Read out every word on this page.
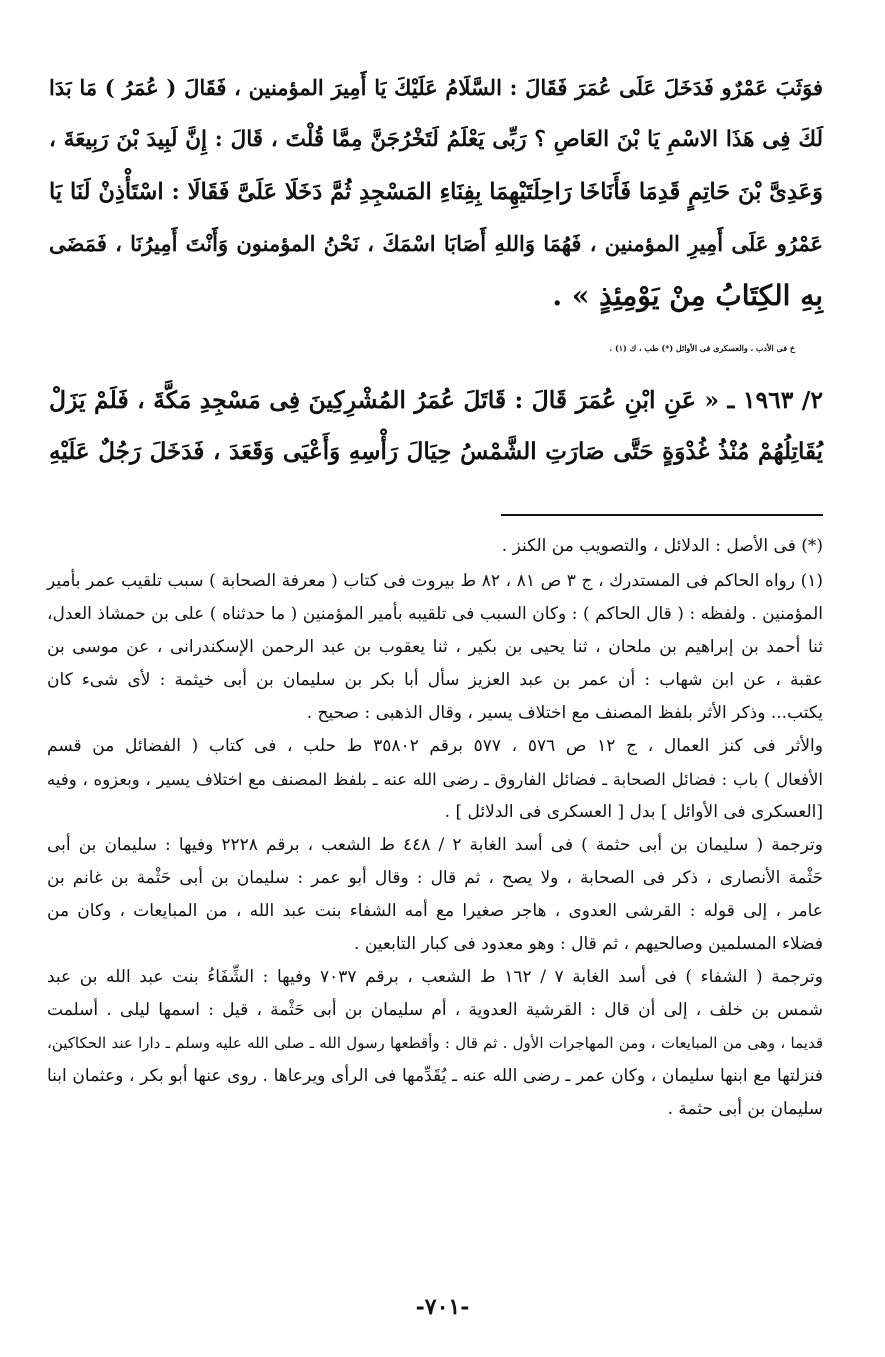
فوَثَبَ عَمْرٌو فَدَخَلَ عَلَى عُمَرَ فَقَالَ : السَّلَامُ عَلَيْكَ يَا أَمِيرَ المؤمنين ، فَقَالَ ( عُمَرُ ) مَا بَدَا
لَكَ فِى هَذَا الاسْمِ يَا بْنَ العَاصِ ؟ رَبِّى يَعْلَمُ لَتَخْرُجَنَّ مِمَّا قُلْتَ ، قَالَ : إِنَّ لَبِيدَ بْنَ رَبِيعَةَ ،
وَعَدِىَّ بْنَ حَاتِمٍ قَدِمَا فَأَنَاخَا رَاحِلَتَيْهِمَا بِفِنَاءِ المَسْجِدِ ثُمَّ دَخَلَا عَلَىَّ فَقَالَا : اسْتَأْذِنْ لَنَا يَا
عَمْرُو عَلَى أَمِيرِ المؤمنين ، فَهُمَا وَاللهِ أَصَابَا اسْمَكَ ، نَحْنُ المؤمنون وَأَنْتَ أَمِيرُنَا ، فَمَضَى
بِهِ الكِتَابُ مِنْ يَوْمِئِذٍ » .
خ فى الأدب ، والعسكرى فى الأوائل (*) طب ، ك (١) .
٢/ ١٩٦٣ ـ « عَنِ ابْنِ عُمَرَ قَالَ : قَاتَلَ عُمَرُ المُشْرِكِينَ فِى مَسْجِدِ مَكَّةَ ، فَلَمْ يَزَلْ
يُقَاتِلُهُمْ مُنْذُ غُدْوَةٍ حَتَّى صَارَتِ الشَّمْسُ حِيَالَ رَأْسِهِ وَأَعْيَى وَقَعَدَ ، فَدَخَلَ رَجُلٌ عَلَيْهِ
(*) فى الأصل : الدلائل ، والتصويب من الكنز .
(١) رواه الحاكم فى المستدرك ، ج ٣ ص ٨١ ، ٨٢ ط بيروت فى كتاب ( معرفة الصحابة ) سبب تلقيب عمر بأمير
المؤمنين . ولفظه : ( قال الحاكم ) : وكان السبب فى تلقيبه بأمير المؤمنين ( ما حدثناه ) على بن حمشاذ العدل،
ثنا أحمد بن إبراهيم بن ملحان ، ثنا يحيى بن بكير ، ثنا يعقوب بن عبد الرحمن الإسكندرانى ، عن موسى بن
عقبة ، عن ابن شهاب : أن عمر بن عبد العزيز سأل أبا بكر بن سليمان بن أبى خيثمة : لأى شىء كان
يكتب... وذكر الأثر بلفظ المصنف مع اختلاف يسير ، وقال الذهبى : صحيح .
والأثر فى كنز العمال ، ج ١٢ ص ٥٧٦ ، ٥٧٧ برقم ٣٥٨٠٢ ط حلب ، فى كتاب ( الفضائل من قسم
الأفعال ) باب : فضائل الصحابة ـ فضائل الفاروق ـ رضى الله عنه ـ بلفظ المصنف مع اختلاف يسير ، وبعزوه ، وفيه
[العسكرى فى الأوائل ] بدل [ العسكرى فى الدلائل ] .
وترجمة ( سليمان بن أبى حثمة ) فى أسد الغابة ٢ / ٤٤٨ ط الشعب ، برقم ٢٢٢٨ وفيها : سليمان بن أبى
حَثْمة الأنصارى ، ذكر فى الصحابة ، ولا يصح ، ثم قال : وقال أبو عمر : سليمان بن أبى حَثْمة بن غانم بن
عامر ، إلى قوله : القرشى العدوى ، هاجر صغيرا مع أمه الشفاء بنت عبد الله ، من المبايعات ، وكان من
فضلاء المسلمين وصالحيهم ، ثم قال : وهو معدود فى كبار التابعين .
وترجمة ( الشفاء ) فى أسد الغابة ٧ / ١٦٢ ط الشعب ، برقم ٧٠٣٧ وفيها : الشِّفَاءُ بنت عبد الله بن عبد
شمس بن خلف ، إلى أن قال : القرشية العدوية ، أم سليمان بن أبى حَثْمة ، قيل : اسمها ليلى . أسلمت
قديما ، وهى من المبايعات ، ومن المهاجرات الأول . ثم قال : وأقطعها رسول الله ـ صلى الله عليه وسلم ـ دارا عند الحكاكين،
فنزلتها مع ابنها سليمان ، وكان عمر ـ رضى الله عنه ـ يُقَدِّمها فى الرأى ويرعاها . روى عنها أبو بكر ، وعثمان ابنا
سليمان بن أبى حثمة .
-٧٠١-
